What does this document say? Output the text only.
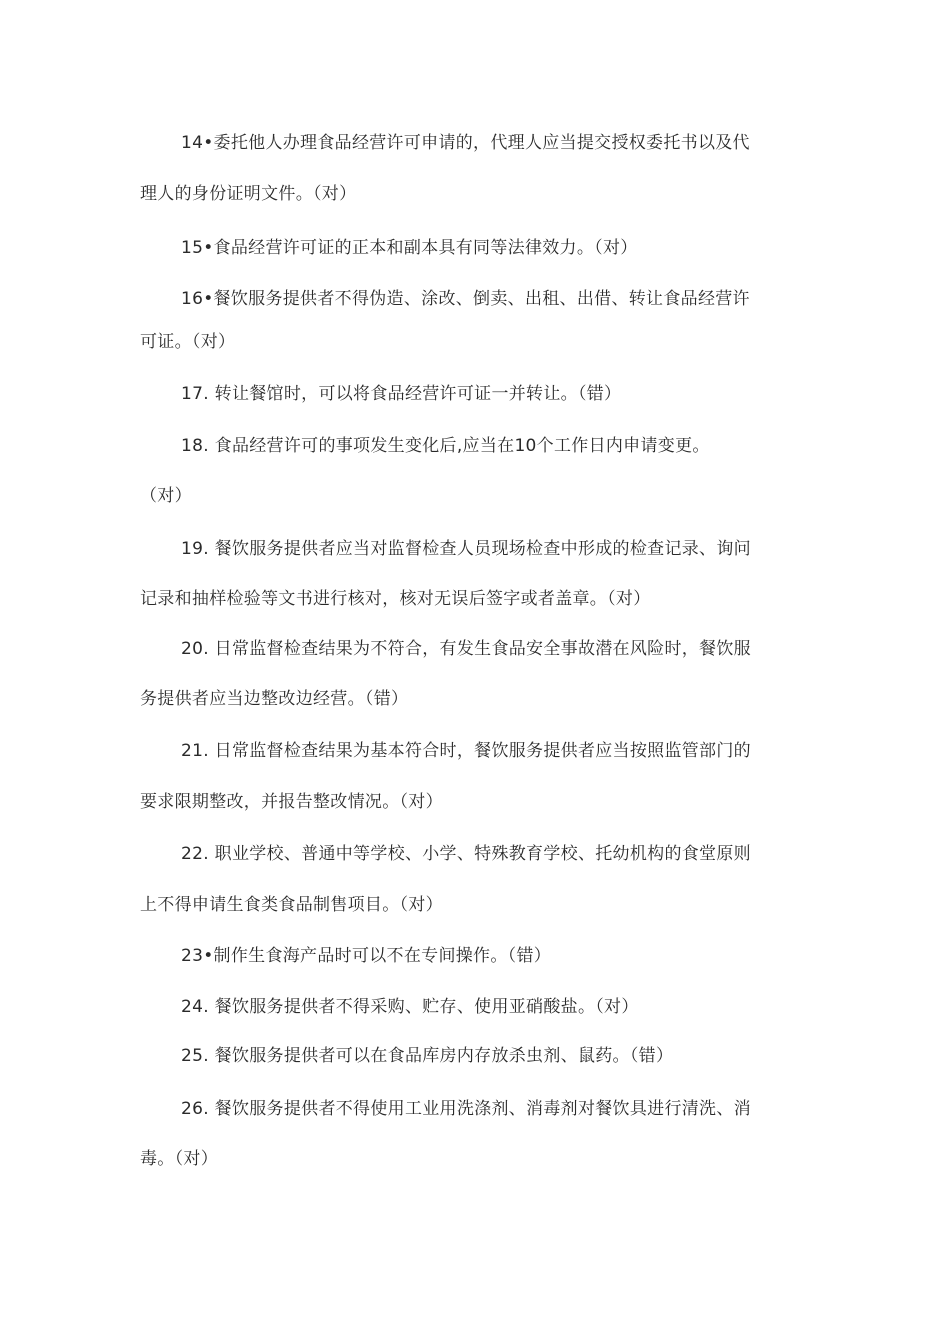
14•委托他人办理食品经营许可申请的，代理人应当提交授权委托书以及代
理人的身份证明文件。（对）
15•食品经营许可证的正本和副本具有同等法律效力。（对）
16•餐饮服务提供者不得伪造、涂改、倒卖、出租、出借、转让食品经营许
可证。（对）
17. 转让餐馆时，可以将食品经营许可证一并转让。（错）
18. 食品经营许可的事项发生变化后,应当在10个工作日内申请变更。
（对）
19. 餐饮服务提供者应当对监督检查人员现场检查中形成的检查记录、询问
记录和抽样检验等文书进行核对，核对无误后签字或者盖章。（对）
20. 日常监督检查结果为不符合，有发生食品安全事故潜在风险时，餐饮服
务提供者应当边整改边经营。（错）
21. 日常监督检查结果为基本符合时，餐饮服务提供者应当按照监管部门的
要求限期整改，并报告整改情况。（对）
22. 职业学校、普通中等学校、小学、特殊教育学校、托幼机构的食堂原则
上不得申请生食类食品制售项目。（对）
23•制作生食海产品时可以不在专间操作。（错）
24. 餐饮服务提供者不得采购、贮存、使用亚硝酸盐。（对）
25. 餐饮服务提供者可以在食品库房内存放杀虫剂、鼠药。（错）
26. 餐饮服务提供者不得使用工业用洗涤剂、消毒剂对餐饮具进行清洗、消
毒。（对）
